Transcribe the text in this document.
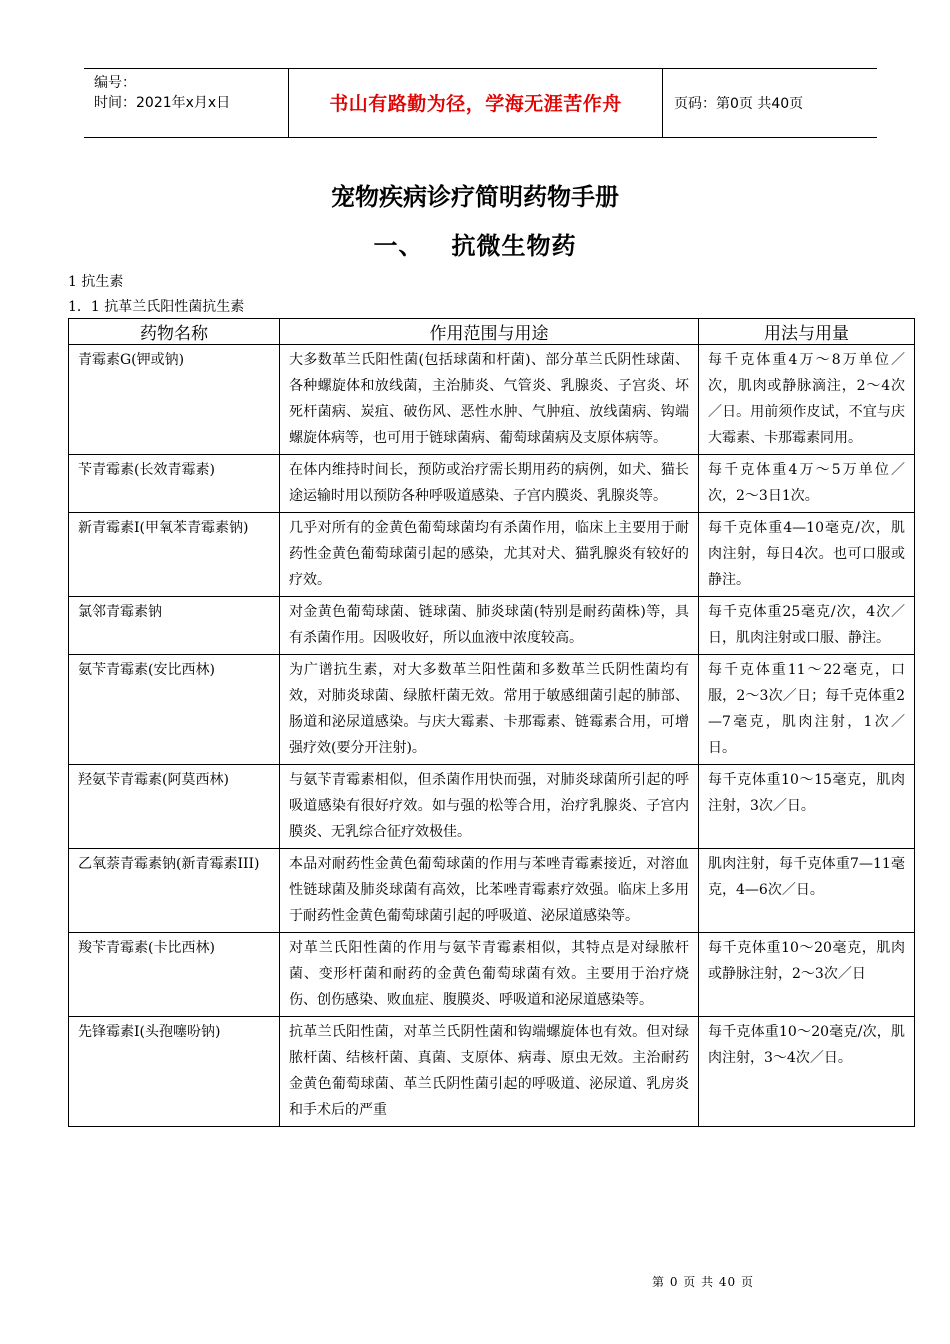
编号：
时间：2021年x月x日	书山有路勤为径，学海无涯苦作舟	页码：第0页 共40页
宠物疾病诊疗简明药物手册
一、 抗微生物药
1 抗生素
1．1 抗革兰氏阳性菌抗生素
药物名称	作用范围与用途	用法与用量
青霉素G(钾或钠)	大多数革兰氏阳性菌(包括球菌和杆菌)、部分革兰氏阴性球菌、各种螺旋体和放线菌，主治肺炎、气管炎、乳腺炎、子宫炎、坏死杆菌病、炭疽、破伤风、恶性水肿、气肿疽、放线菌病、钩端螺旋体病等，也可用于链球菌病、葡萄球菌病及支原体病等。	每千克体重4万～8万单位／次，肌肉或静脉滴注，2～4次／日。用前须作皮试，不宜与庆大霉素、卡那霉素同用。
苄青霉素(长效青霉素)	在体内维持时间长，预防或治疗需长期用药的病例，如犬、猫长途运输时用以预防各种呼吸道感染、子宫内膜炎、乳腺炎等。	每千克体重4万～5万单位／次，2～3日1次。
新青霉素I(甲氧苯青霉素钠)	几乎对所有的金黄色葡萄球菌均有杀菌作用，临床上主要用于耐药性金黄色葡萄球菌引起的感染，尤其对犬、猫乳腺炎有较好的疗效。	每千克体重4—10毫克/次，肌肉注射，每日4次。也可口服或静注。
氯邻青霉素钠	对金黄色葡萄球菌、链球菌、肺炎球菌(特别是耐药菌株)等，具有杀菌作用。因吸收好，所以血液中浓度较高。	每千克体重25毫克/次，4次／日，肌肉注射或口服、静注。
氨苄青霉素(安比西林)	为广谱抗生素，对大多数革兰阳性菌和多数革兰氏阴性菌均有效，对肺炎球菌、绿脓杆菌无效。常用于敏感细菌引起的肺部、肠道和泌尿道感染。与庆大霉素、卡那霉素、链霉素合用，可增强疗效(要分开注射)。	每千克体重11～22毫克，口服，2～3次／日；每千克体重2—7毫克，肌肉注射，1次／日。
羟氨苄青霉素(阿莫西林)	与氨苄青霉素相似，但杀菌作用快而强，对肺炎球菌所引起的呼吸道感染有很好疗效。如与强的松等合用，治疗乳腺炎、子宫内膜炎、无乳综合征疗效极佳。	每千克体重10～15毫克，肌肉注射，3次／日。
乙氧萘青霉素钠(新青霉素III)	本品对耐药性金黄色葡萄球菌的作用与苯唑青霉素接近，对溶血性链球菌及肺炎球菌有高效，比苯唑青霉素疗效强。临床上多用于耐药性金黄色葡萄球菌引起的呼吸道、泌尿道感染等。	肌肉注射，每千克体重7—11毫克，4—6次／日。
羧苄青霉素(卡比西林)	对革兰氏阳性菌的作用与氨苄青霉素相似，其特点是对绿脓杆菌、变形杆菌和耐药的金黄色葡萄球菌有效。主要用于治疗烧伤、创伤感染、败血症、腹膜炎、呼吸道和泌尿道感染等。	每千克体重10～20毫克，肌肉或静脉注射，2～3次／日
先锋霉素I(头孢噻吩钠)	抗革兰氏阳性菌，对革兰氏阴性菌和钩端螺旋体也有效。但对绿脓杆菌、结核杆菌、真菌、支原体、病毒、原虫无效。主治耐药金黄色葡萄球菌、革兰氏阴性菌引起的呼吸道、泌尿道、乳房炎和手术后的严重	每千克体重10～20毫克/次，肌肉注射，3～4次／日。
第 0 页 共 40 页
